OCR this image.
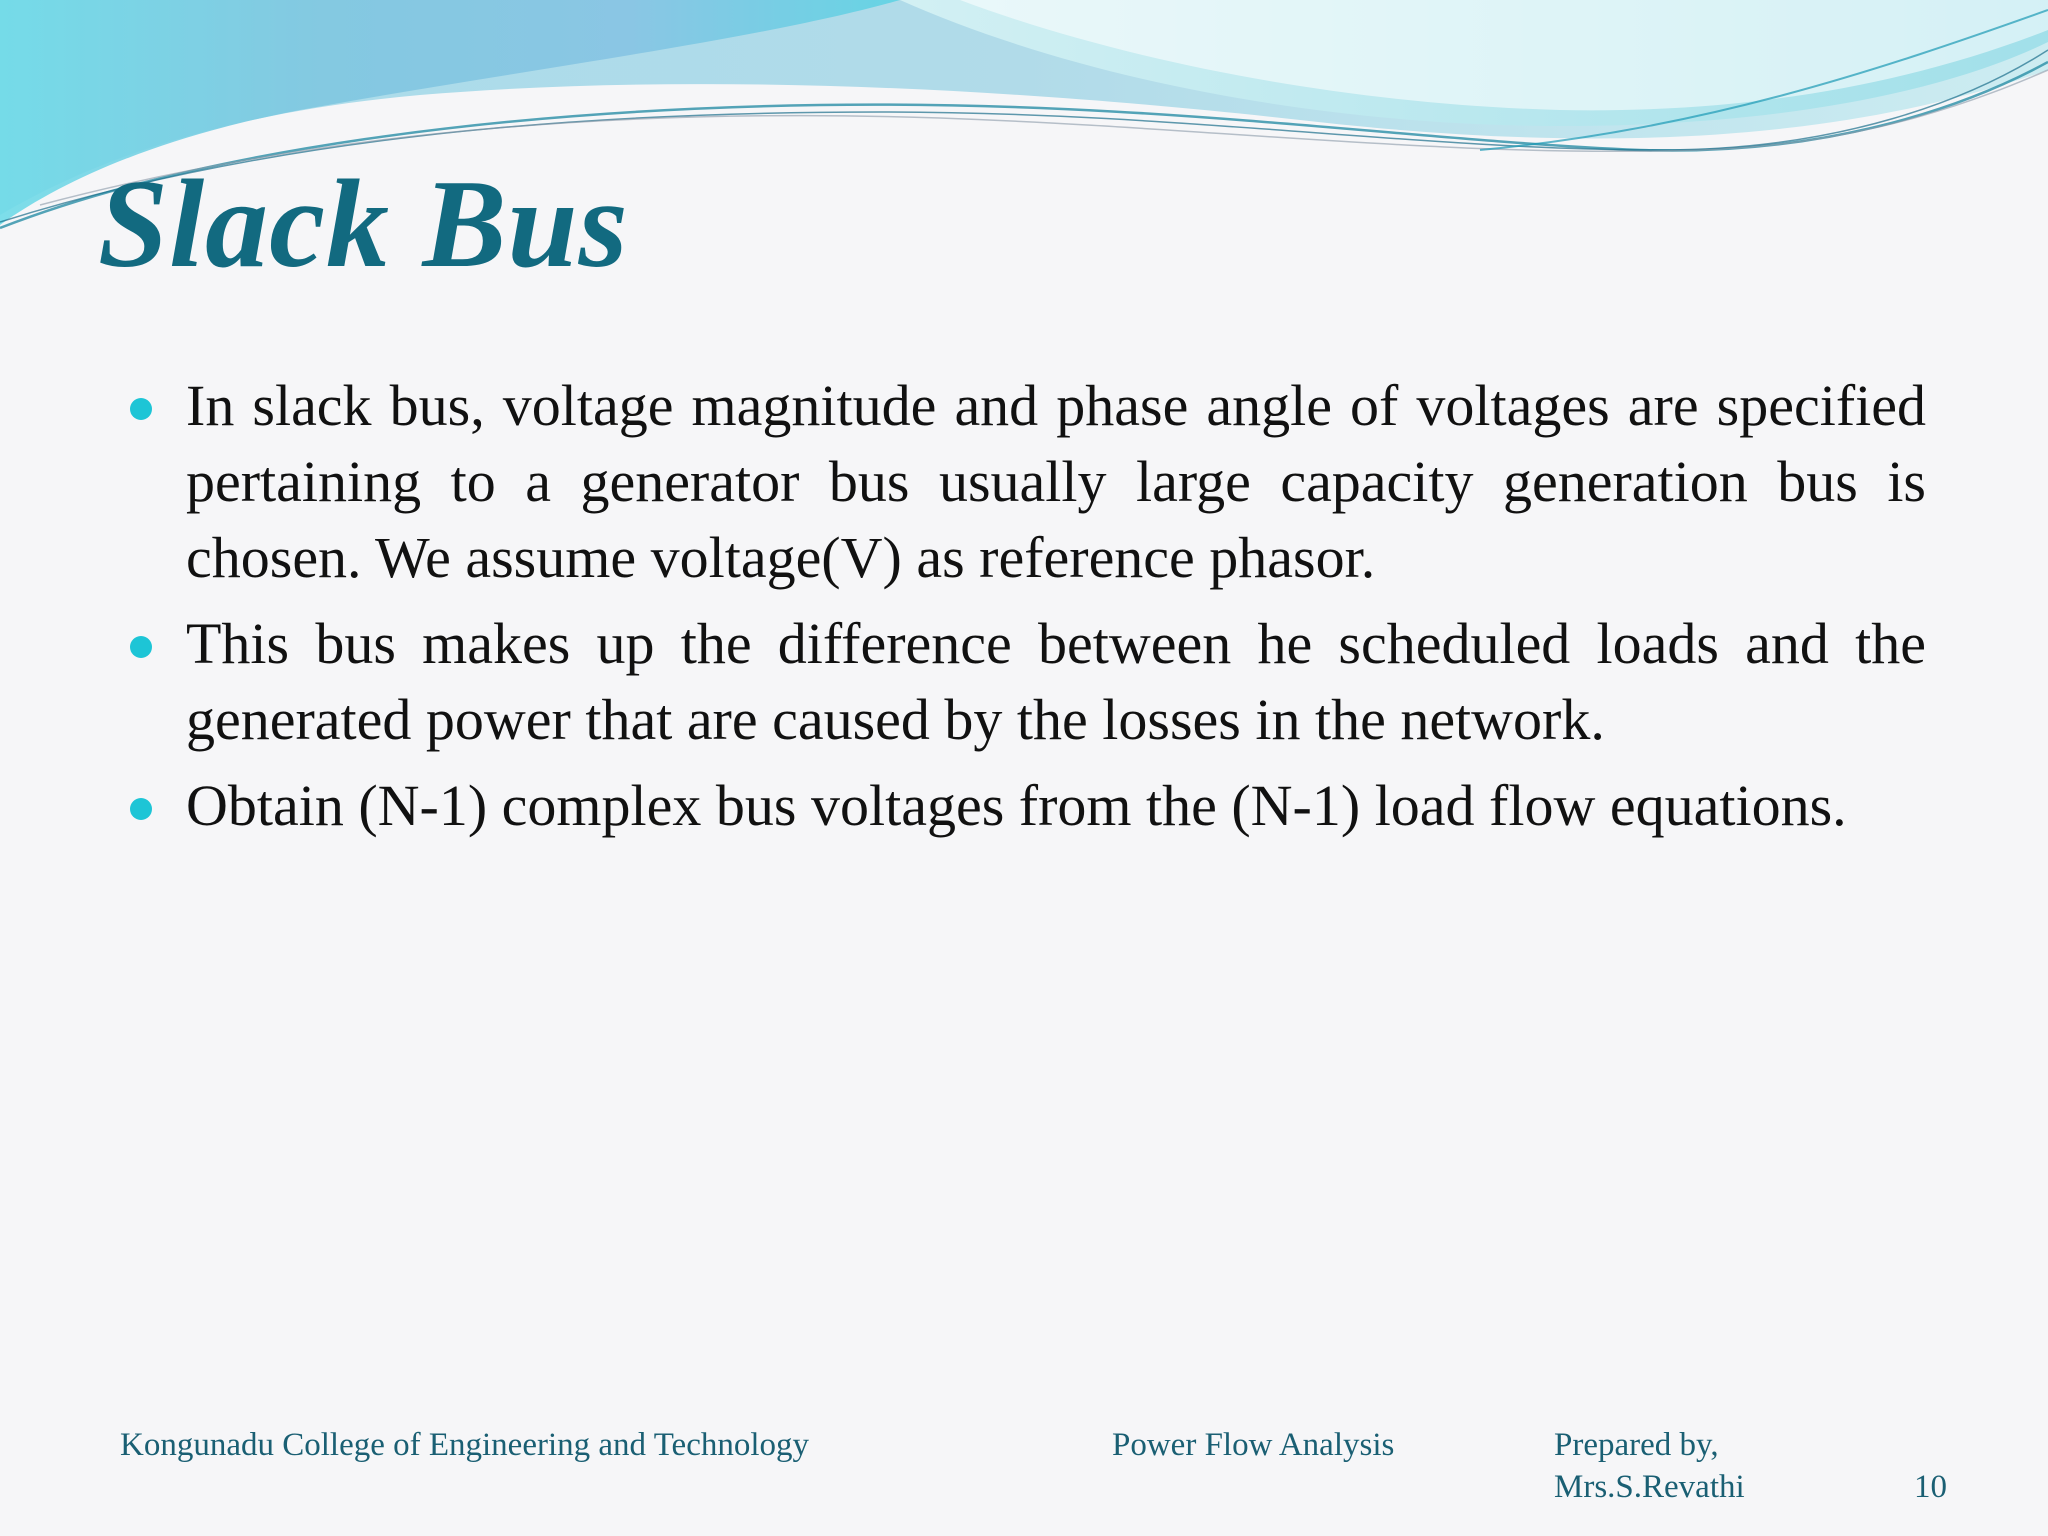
Slack Bus
In slack bus, voltage magnitude and phase angle of voltages are specified pertaining to a generator bus usually large capacity generation bus is chosen. We assume voltage(V) as reference phasor.
This bus makes up the difference between he scheduled loads and the generated power that are caused by the losses in the network.
Obtain (N-1) complex bus voltages from the (N-1) load flow equations.
Kongunadu College of Engineering and Technology	Power Flow Analysis	Prepared by,
Mrs.S.Revathi	10
